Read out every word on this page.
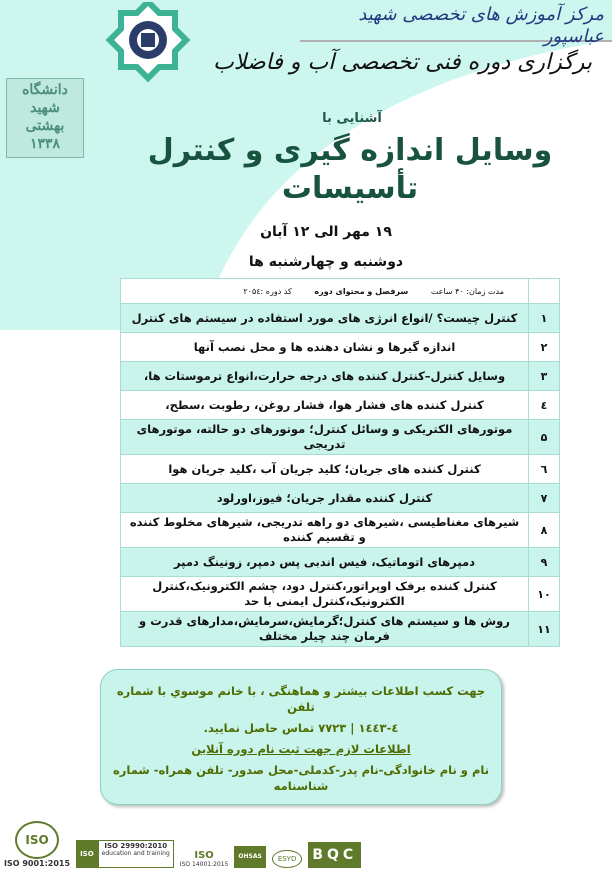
مرکز آموزش های تخصصی شهید عباسپور
برگزاری دوره فنی تخصصی آب و فاضلاب
دانشگاه شهید بهشتی ۱۳۳۸
آشنایی با
وسایل اندازه گیری و کنترل تأسیسات
۱۹ مهر الی ۱۲ آبان
دوشنبه و چهارشنبه ها
	مدت زمان: ۴۰ ساعت سرفصل و محتوای دوره کد دوره :۲۰۵٤
۱	کنترل چیست؟ /انواع انرژی های مورد استفاده در سیستم های کنترل
۲	اندازه گیرها و نشان دهنده ها و محل نصب آنها
۳	وسایل کنترل–کنترل کننده های درجه حرارت،انواع ترموستات ها،
٤	کنترل کننده های فشار هوا، فشار روغن، رطوبت ،سطح،
۵	موتورهای الکتریکی و وسائل کنترل؛ موتورهای دو حالته، موتورهای تدریجی
٦	کنترل کننده های جریان؛ کلید جریان آب ،کلید جریان هوا
۷	کنترل کننده مقدار جریان؛ فیوز،اورلود
۸	شیرهای مغناطیسی ،شیرهای دو راهه تدریجی، شیرهای مخلوط کننده و تقسیم کننده
۹	دمپرهای اتوماتیک، فیس اندبی پس دمپر، زونینگ دمپر
۱۰	کنترل کننده برفک اوپراتور،کنترل دود، چشم الکترونیک،کنترل الکترونیک،کنترل ایمنی با حد
۱۱	روش ها و سیستم های کنترل؛گرمایش،سرمایش،مدارهای قدرت و فرمان چند چیلر مختلف
جهت کسب اطلاعات بیشتر و هماهنگی ، با خانم موسوي با شماره تلفن
٤-۱٤٤٣ | ۷۷۲۳ تماس حاصل نمایید.
اطلاعات لازم جهت ثبت نام دوره آنلاین
نام و نام خانوادگی-نام پدر-کدملی-محل صدور- تلفن همراه- شماره شناسنامه
ISO
ISO 9001:2015
ISO
ISO 29990:2010
education and training ISO
ISO 14001:2015
OHSAS	ESYD	BQC
